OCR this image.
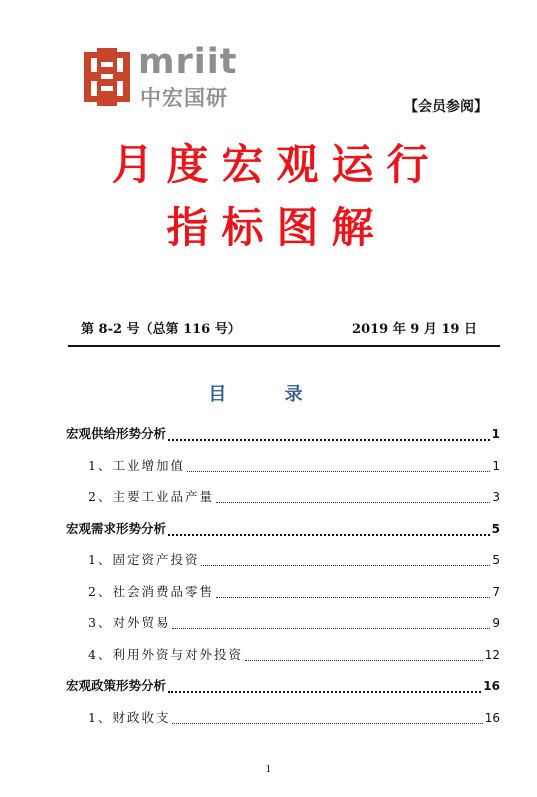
mriit
中宏国研	【会员参阅】
月度宏观运行
指标图解
第 8-2 号（总第 116 号）	2019 年 9 月 19 日
目 录
宏观供给形势分析	1
1、工业增加值	1
2、主要工业品产量	3
宏观需求形势分析	5
1、固定资产投资	5
2、社会消费品零售	7
3、对外贸易	9
4、利用外资与对外投资	12
宏观政策形势分析	16
1、财政收支	16
1
